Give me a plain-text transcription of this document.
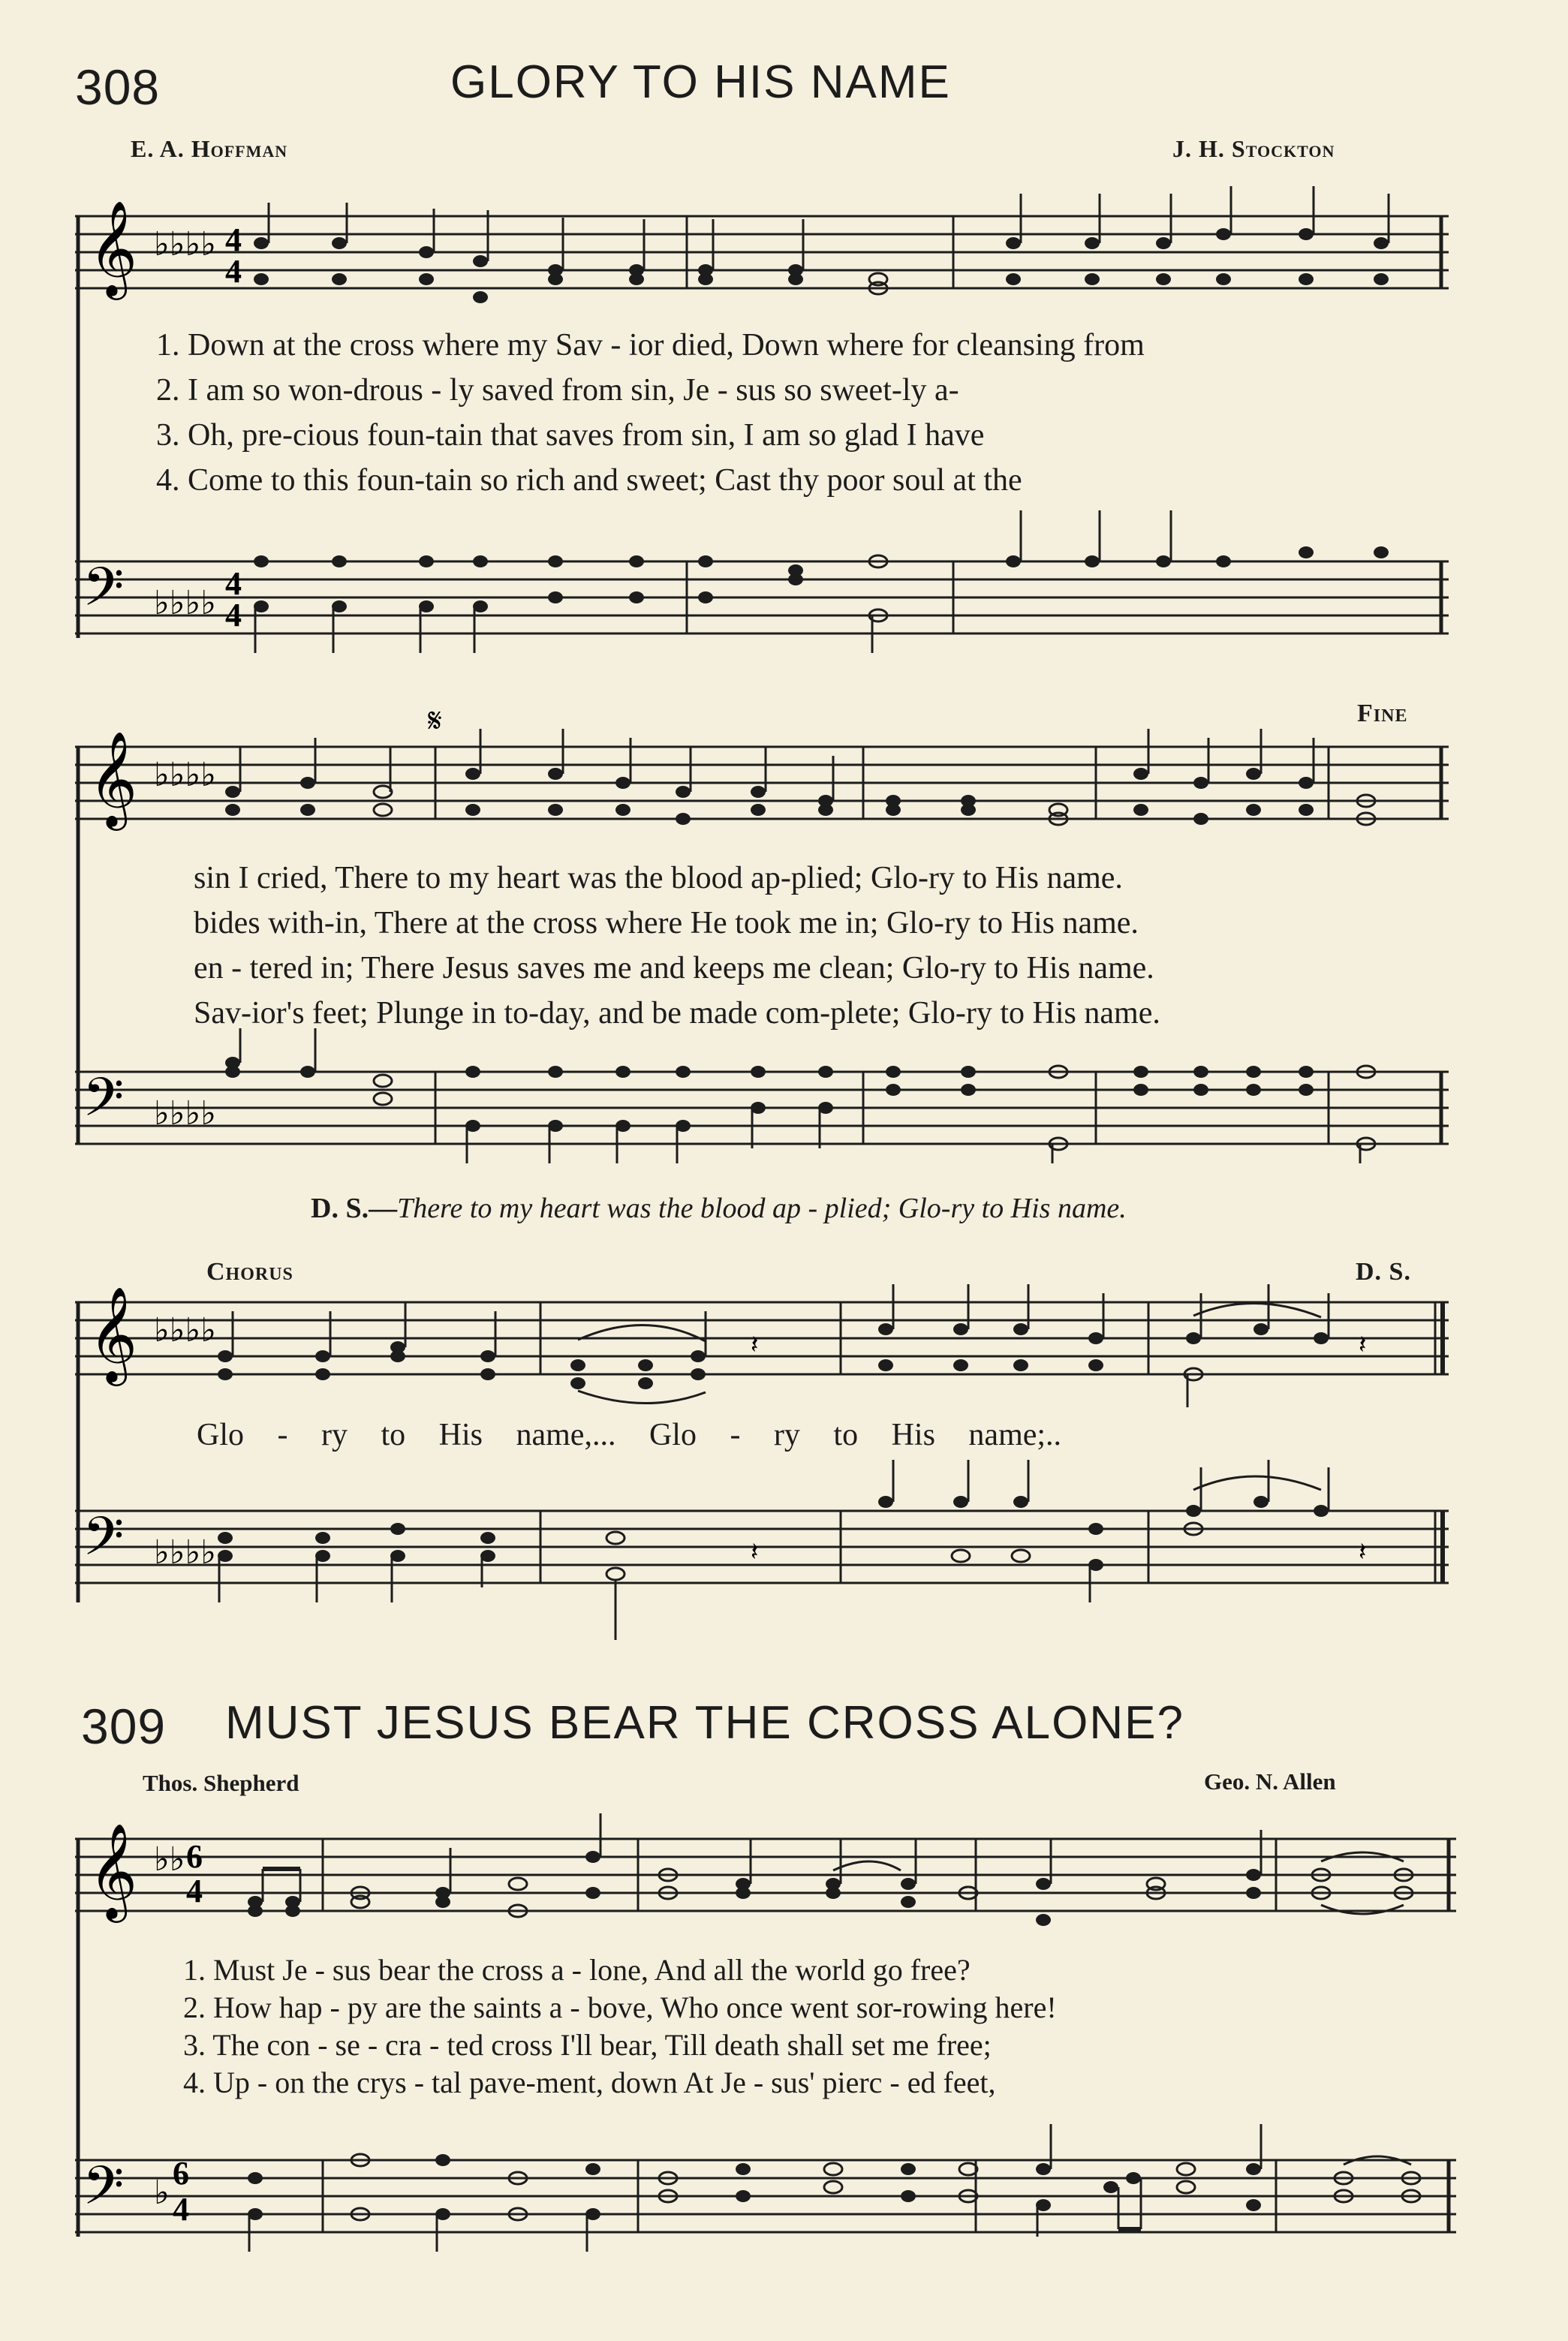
308	GLORY TO HIS NAME
E. A. Hoffman	J. H. Stockton
𝄞 ♭♭♭♭ 4
4
1. Down at the cross where my Sav - ior died, Down where for cleansing from
2. I am so won-drous - ly saved from sin, Je - sus so sweet-ly a-
3. Oh, pre-cious foun-tain that saves from sin, I am so glad I have
4. Come to this foun-tain so rich and sweet; Cast thy poor soul at the
𝄢 ♭♭♭♭
4
4
𝄞 ♭♭♭♭
𝄋	Fine
sin I cried, There to my heart was the blood ap-plied; Glo-ry to His name.
bides with-in, There at the cross where He took me in; Glo-ry to His name.
en - tered in; There Jesus saves me and keeps me clean; Glo-ry to His name.
Sav-ior's feet; Plunge in to-day, and be made com-plete; Glo-ry to His name.
𝄢 ♭♭♭♭
D. S.—There to my heart was the blood ap - plied; Glo-ry to His name.
Chorus	D. S.
𝄞 ♭♭♭♭	𝄽	𝄽
Glo - ry to His name,... Glo - ry to His name;..
𝄢 ♭♭♭♭	𝄽	𝄽
309 MUST JESUS BEAR THE CROSS ALONE?
Thos. Shepherd	Geo. N. Allen
𝄞 ♭♭ 6
4
1. Must Je - sus bear the cross a - lone, And all the world go free?
2. How hap - py are the saints a - bove, Who once went sor-rowing here!
3. The con - se - cra - ted cross I'll bear, Till death shall set me free;
4. Up - on the crys - tal pave-ment, down At Je - sus' pierc - ed feet,
𝄢 ♭
6
4
